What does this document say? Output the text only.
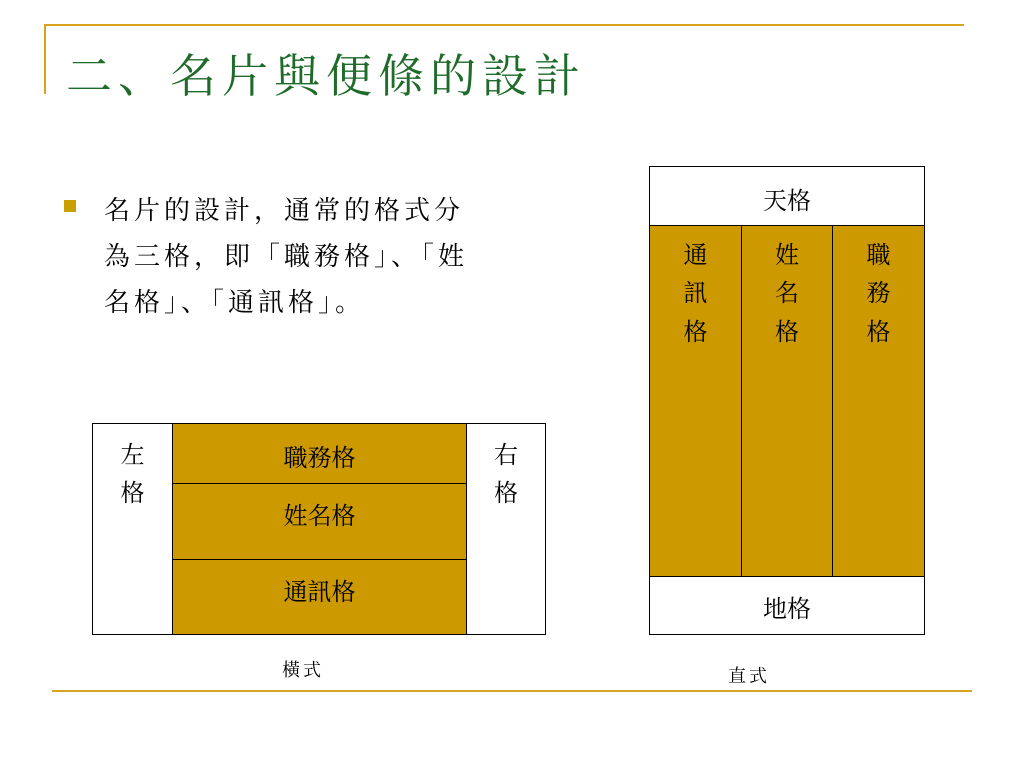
二、名片與便條的設計

名片的設計，通常的格式分為三格，即「職務格」、「姓名格」、「通訊格」。

左格
職務格
姓名格
通訊格
右格
橫式
天格
通訊格
姓名格
職務格
地格
直式
